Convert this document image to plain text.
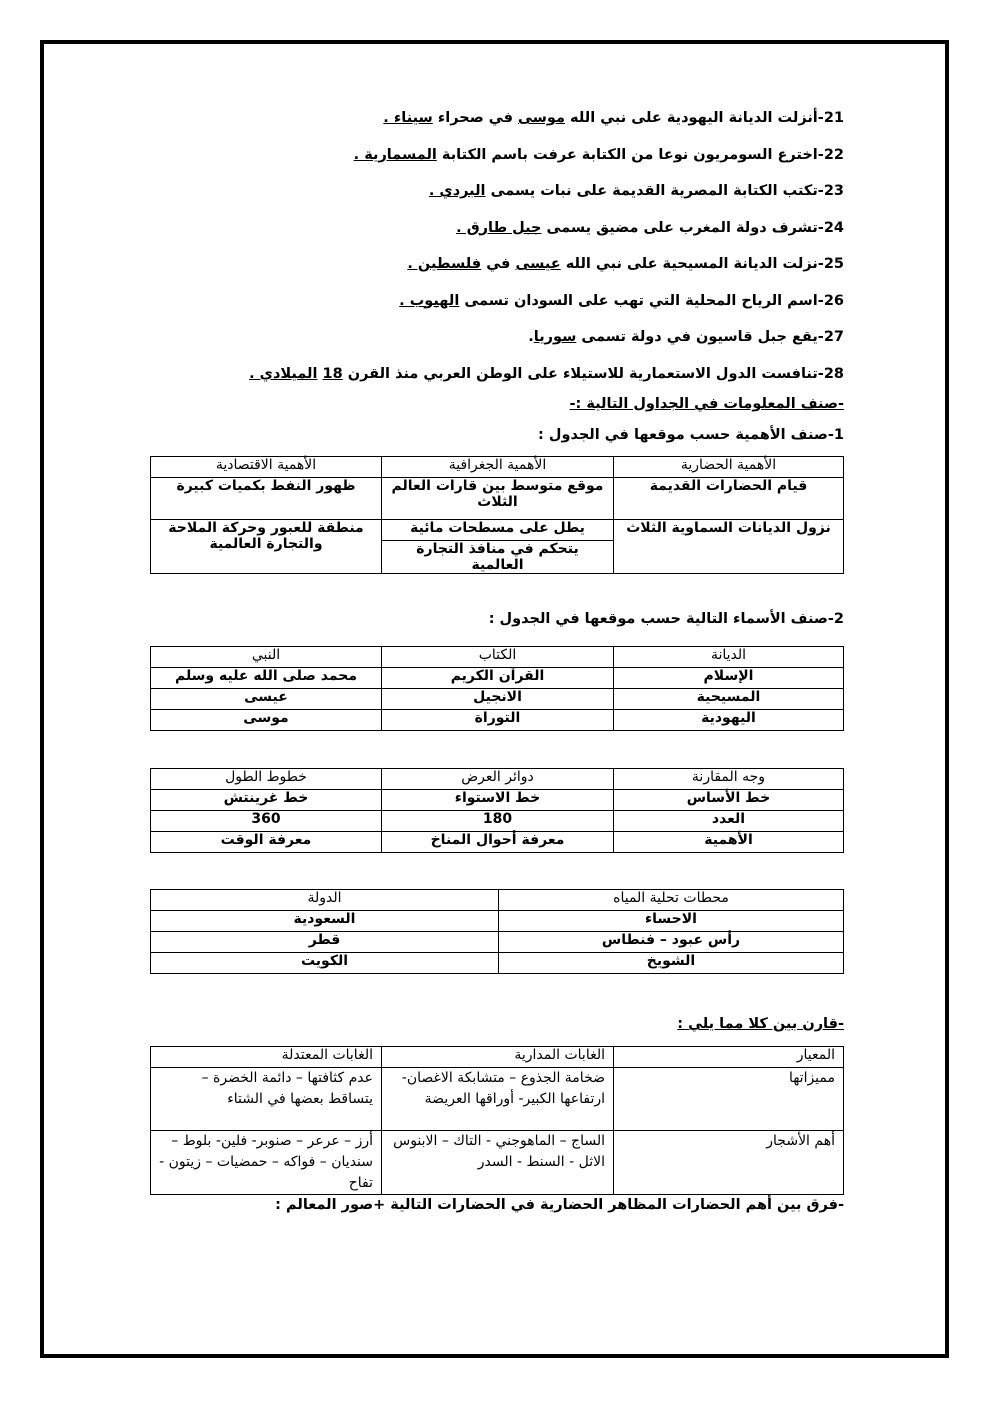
21-أنزلت الديانة اليهودية على نبي الله موسى في صحراء سيناء .
22-اخترع السومريون نوعا من الكتابة عرفت باسم الكتابة المسمارية .
23-تكتب الكتابة المصرية القديمة على نبات يسمى البردي .
24-تشرف دولة المغرب على مضيق يسمى جبل طارق .
25-نزلت الديانة المسيحية على نبي الله عيسى في فلسطين .
26-اسم الرياح المحلية التي تهب على السودان تسمى الهبوب .
27-يقع جبل قاسيون في دولة تسمى سوريا.
28-تنافست الدول الاستعمارية للاستيلاء على الوطن العربي منذ القرن 18 الميلادي .
-صنف المعلومات في الجداول التالية :-
1-صنف الأهمية حسب موقعها في الجدول :
الأهمية الحضارية	الأهمية الجغرافية	الأهمية الاقتصادية
قيام الحضارات القديمة	موقع متوسط بين قارات العالم الثلاث	ظهور النفط بكميات كبيرة
نزول الديانات السماوية الثلاث	يطل على مسطحات مائية	منطقة للعبور وحركة الملاحة والتجارة العالمية
	يتحكم في منافذ التجارة العالمية	
2-صنف الأسماء التالية حسب موقعها في الجدول :
الديانة	الكتاب	النبي
الإسلام	القرآن الكريم	محمد صلى الله عليه وسلم
المسيحية	الانجيل	عيسى
اليهودية	التوراة	موسى
وجه المقارنة	دوائر العرض	خطوط الطول
خط الأساس	خط الاستواء	خط غرينتش
العدد	180	360
الأهمية	معرفة أحوال المناخ	معرفة الوقت
محطات تحلية المياه	الدولة
الاحساء	السعودية
رأس عبود – فنطاس	قطر
الشويخ	الكويت
-قارن بين كلا مما يلي :
المعيار	الغابات المدارية	الغابات المعتدلة
مميزاتها	ضخامة الجذوع – متشابكة الاغصان- ارتفاعها الكبير- أوراقها العريضة	عدم كثافتها – دائمة الخضرة – يتساقط بعضها في الشتاء
أهم الأشجار	الساج – الماهوجني - التاك – الابنوس الاثل - السنط - السدر	أرز – عرعر – صنوبر- فلين- بلوط – سنديان – فواكه – حمضيات – زيتون - تفاح
-فرق بين أهم الحضارات المظاهر الحضارية في الحضارات التالية +صور المعالم :
